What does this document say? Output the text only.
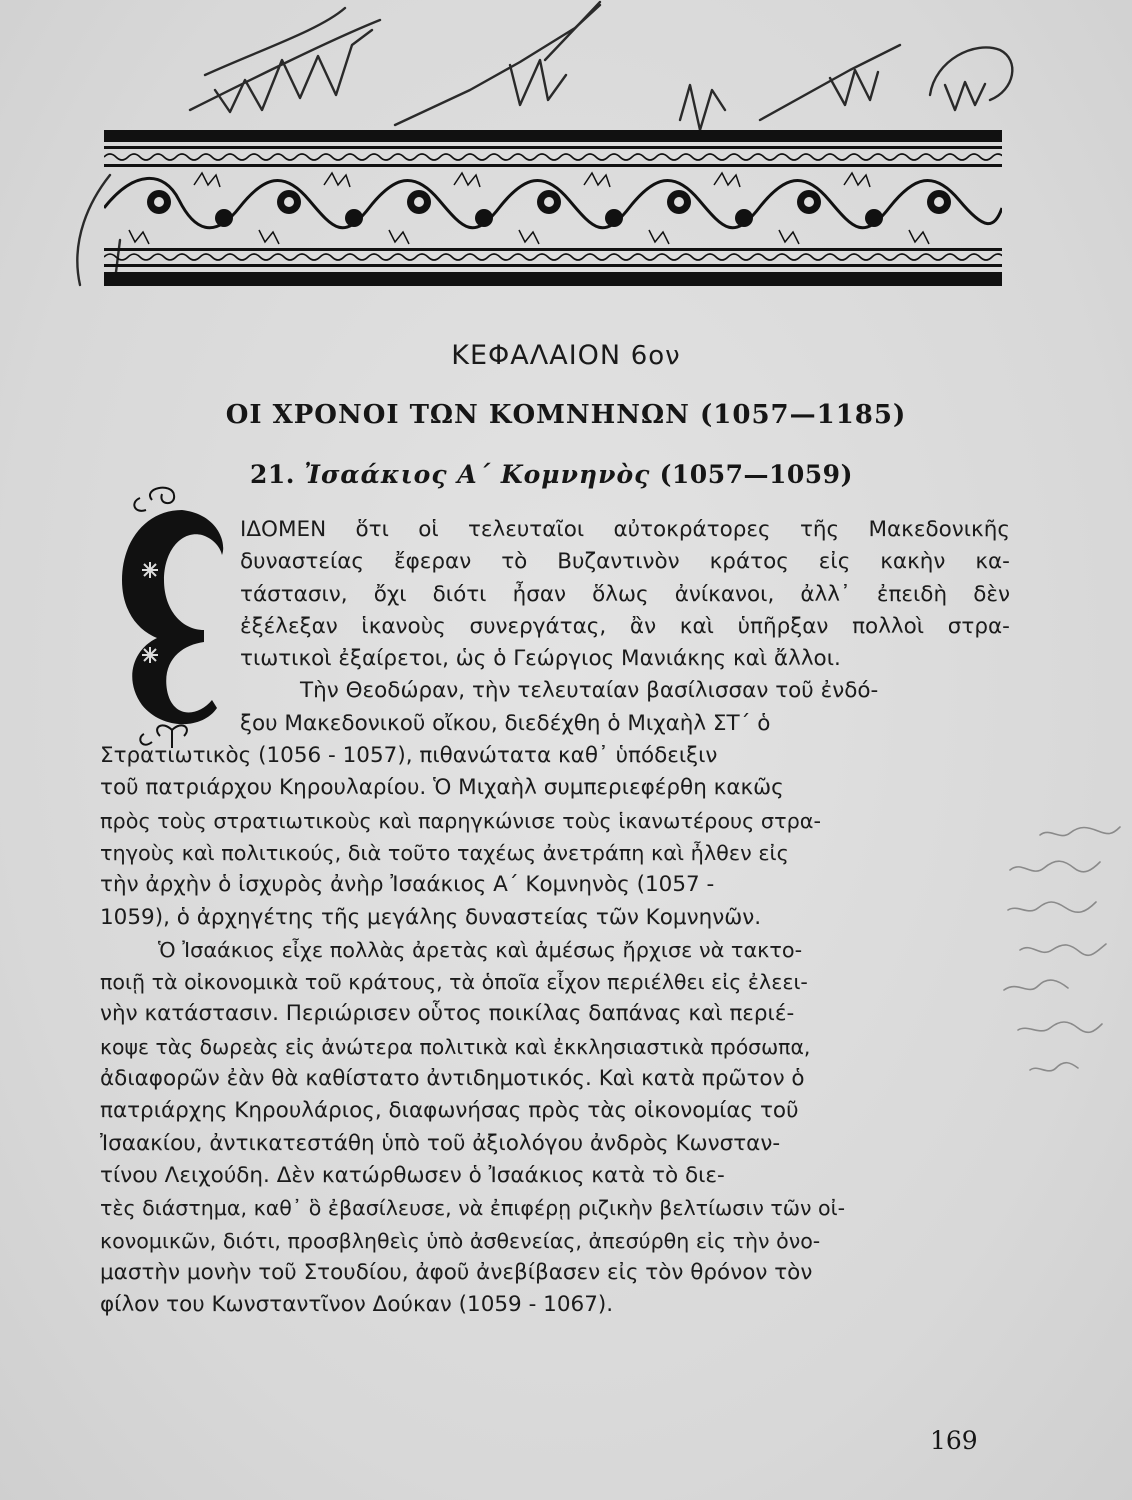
ΚΕΦΑΛΑΙΟΝ 6ον
ΟΙ ΧΡΟΝΟΙ ΤΩΝ ΚΟΜΝΗΝΩΝ (1057—1185)
21. Ἰσαάκιος Α΄ Κομνηνὸς (1057—1059)
ΙΔΟΜΕΝ ὅτι οἱ τελευταῖοι αὐτοκράτορες τῆς Μακεδονικῆς
δυναστείας ἔφεραν τὸ Βυζαντινὸν κράτος εἰς κακὴν κα-
τάστασιν, ὄχι διότι ἦσαν ὅλως ἀνίκανοι, ἀλλ᾽ ἐπειδὴ δὲν
ἐξέλεξαν ἱκανοὺς συνεργάτας, ἂν καὶ ὑπῆρξαν πολλοὶ στρα-
τιωτικοὶ ἐξαίρετοι, ὡς ὁ Γεώργιος Μανιάκης καὶ ἄλλοι.
Τὴν Θεοδώραν, τὴν τελευταίαν βασίλισσαν τοῦ ἐνδό-
ξου Μακεδονικοῦ οἴκου, διεδέχθη ὁ Μιχαὴλ ΣΤ΄ ὁ
Στρατιωτικὸς (1056 - 1057), πιθανώτατα καθ᾽ ὑπόδειξιν
τοῦ πατριάρχου Κηρουλαρίου. Ὁ Μιχαὴλ συμπεριεφέρθη κακῶς
πρὸς τοὺς στρατιωτικοὺς καὶ παρηγκώνισε τοὺς ἱκανωτέρους στρα-
τηγοὺς καὶ πολιτικούς, διὰ τοῦτο ταχέως ἀνετράπη καὶ ἦλθεν εἰς
τὴν ἀρχὴν ὁ ἰσχυρὸς ἀνὴρ Ἰσαάκιος Α΄ Κομνηνὸς (1057 -
1059), ὁ ἀρχηγέτης τῆς μεγάλης δυναστείας τῶν Κομνηνῶν.
Ὁ Ἰσαάκιος εἶχε πολλὰς ἀρετὰς καὶ ἀμέσως ἤρχισε νὰ τακτο-
ποιῇ τὰ οἰκονομικὰ τοῦ κράτους, τὰ ὁποῖα εἶχον περιέλθει εἰς ἐλεει-
νὴν κατάστασιν. Περιώρισεν οὗτος ποικίλας δαπάνας καὶ περιέ-
κοψε τὰς δωρεὰς εἰς ἀνώτερα πολιτικὰ καὶ ἐκκλησιαστικὰ πρόσωπα,
ἀδιαφορῶν ἐὰν θὰ καθίστατο ἀντιδημοτικός. Καὶ κατὰ πρῶτον ὁ
πατριάρχης Κηρουλάριος, διαφωνήσας πρὸς τὰς οἰκονομίας τοῦ
Ἰσαακίου, ἀντικατεστάθη ὑπὸ τοῦ ἀξιολόγου ἀνδρὸς Κωνσταν-
τίνου Λειχούδη. Δὲν κατώρθωσεν ὁ Ἰσαάκιος κατὰ τὸ διε-
τὲς διάστημα, καθ᾽ ὃ ἐβασίλευσε, νὰ ἐπιφέρῃ ριζικὴν βελτίωσιν τῶν οἰ-
κονομικῶν, διότι, προσβληθεὶς ὑπὸ ἀσθενείας, ἀπεσύρθη εἰς τὴν ὀνο-
μαστὴν μονὴν τοῦ Στουδίου, ἀφοῦ ἀνεβίβασεν εἰς τὸν θρόνον τὸν
φίλον του Κωνσταντῖνον Δούκαν (1059 - 1067).
169
